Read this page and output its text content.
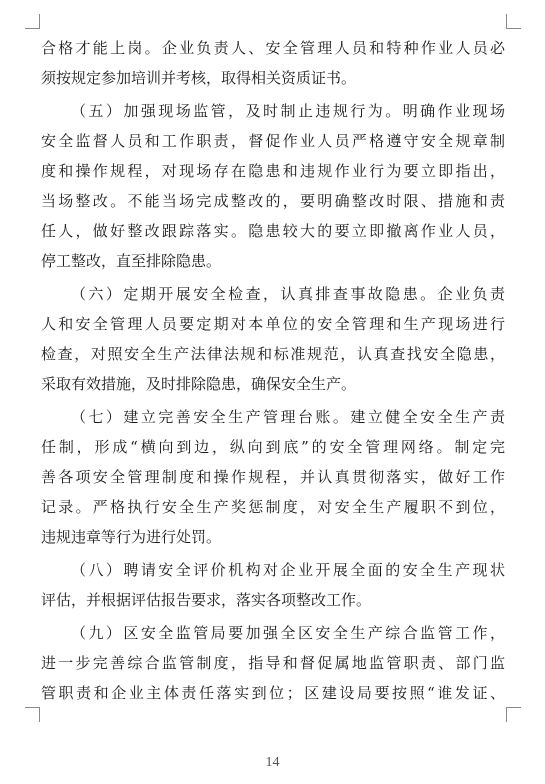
合格才能上岗。企业负责人、安全管理人员和特种作业人员必
须按规定参加培训并考核，取得相关资质证书。
（五）加强现场监管，及时制止违规行为。明确作业现场
安全监督人员和工作职责，督促作业人员严格遵守安全规章制
度和操作规程，对现场存在隐患和违规作业行为要立即指出，
当场整改。不能当场完成整改的，要明确整改时限、措施和责
任人，做好整改跟踪落实。隐患较大的要立即撤离作业人员，
停工整改，直至排除隐患。
（六）定期开展安全检查，认真排查事故隐患。企业负责
人和安全管理人员要定期对本单位的安全管理和生产现场进行
检查，对照安全生产法律法规和标准规范，认真查找安全隐患，
采取有效措施，及时排除隐患，确保安全生产。
（七）建立完善安全生产管理台账。建立健全安全生产责
任制，形成“横向到边，纵向到底”的安全管理网络。制定完
善各项安全管理制度和操作规程，并认真贯彻落实，做好工作
记录。严格执行安全生产奖惩制度，对安全生产履职不到位，
违规违章等行为进行处罚。
（八）聘请安全评价机构对企业开展全面的安全生产现状
评估，并根据评估报告要求，落实各项整改工作。
（九）区安全监管局要加强全区安全生产综合监管工作，
进一步完善综合监管制度，指导和督促属地监管职责、部门监
管职责和企业主体责任落实到位；区建设局要按照“谁发证、
14
